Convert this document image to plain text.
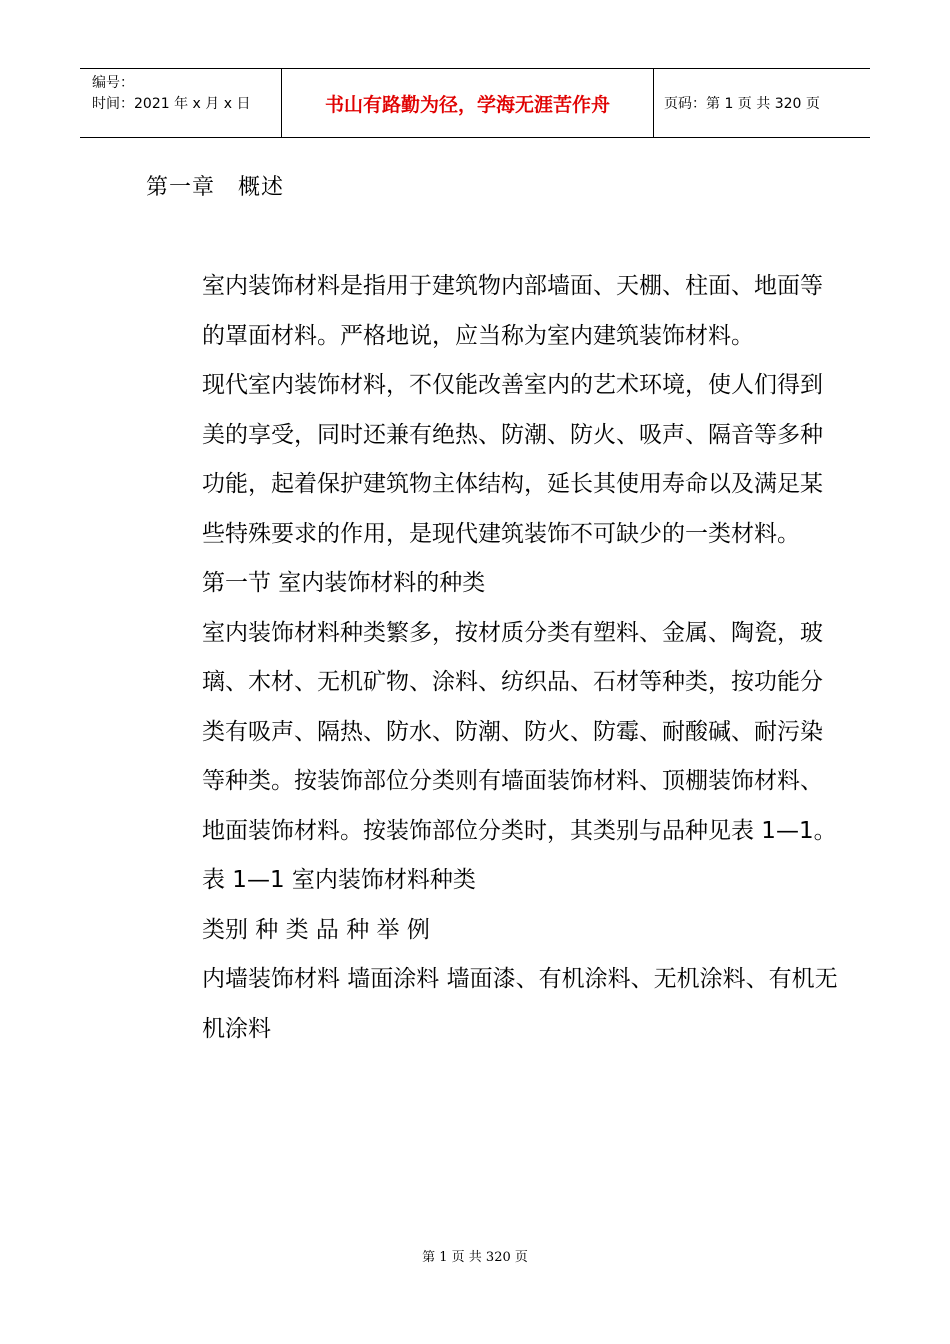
编号：
时间：2021 年 x 月 x 日	书山有路勤为径，学海无涯苦作舟	页码：第 1 页 共 320 页
第一章　概述

室内装饰材料是指用于建筑物内部墙面、天棚、柱面、地面等的罩面材料。严格地说，应当称为室内建筑装饰材料。

现代室内装饰材料，不仅能改善室内的艺术环境，使人们得到美的享受，同时还兼有绝热、防潮、防火、吸声、隔音等多种功能，起着保护建筑物主体结构，延长其使用寿命以及满足某些特殊要求的作用，是现代建筑装饰不可缺少的一类材料。

第一节 室内装饰材料的种类

室内装饰材料种类繁多，按材质分类有塑料、金属、陶瓷，玻璃、木材、无机矿物、涂料、纺织品、石材等种类，按功能分类有吸声、隔热、防水、防潮、防火、防霉、耐酸碱、耐污染等种类。按装饰部位分类则有墙面装饰材料、顶棚装饰材料、地面装饰材料。按装饰部位分类时，其类别与品种见表 1—1。

表 1—1 室内装饰材料种类

类别 种 类 品 种 举 例

内墙装饰材料 墙面涂料 墙面漆、有机涂料、无机涂料、有机无机涂料

第 1 页 共 320 页
